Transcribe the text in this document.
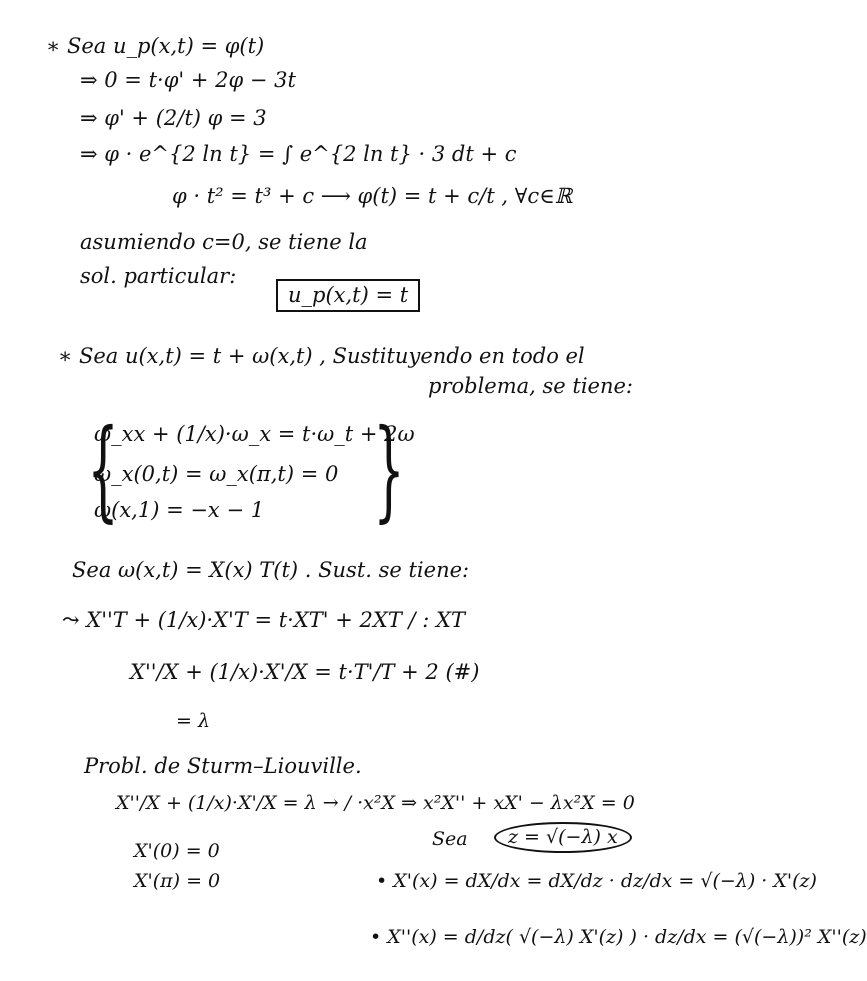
∗ Sea u_p(x,t) = φ(t)
⇒ 0 = t·φ' + 2φ − 3t
⇒ φ' + (2/t) φ = 3
⇒ φ · e^{2 ln t} = ∫ e^{2 ln t} · 3 dt + c
φ · t² = t³ + c ⟶ φ(t) = t + c/t , ∀c∈ℝ
asumiendo c=0, se tiene la
sol. particular:
u_p(x,t) = t
∗ Sea u(x,t) = t + ω(x,t) , Sustituyendo en todo el
problema, se tiene:
{
ω_xx + (1/x)·ω_x = t·ω_t + 2ω
ω_x(0,t) = ω_x(π,t) = 0
ω(x,1) = −x − 1 }
Sea ω(x,t) = X(x) T(t) . Sust. se tiene:
⤳ X''T + (1/x)·X'T = t·XT' + 2XT / : XT
X''/X + (1/x)·X'/X = t·T'/T + 2 (#)
= λ
Probl. de Sturm–Liouville.
X''/X + (1/x)·X'/X = λ → / ·x²X ⇒ x²X'' + xX' − λx²X = 0
X'(0) = 0
X'(π) = 0
Sea	z = √(−λ) x
• X'(x) = dX/dx = dX/dz · dz/dx = √(−λ) · X'(z)
• X''(x) = d/dz( √(−λ) X'(z) ) · dz/dx = (√(−λ))² X''(z)
